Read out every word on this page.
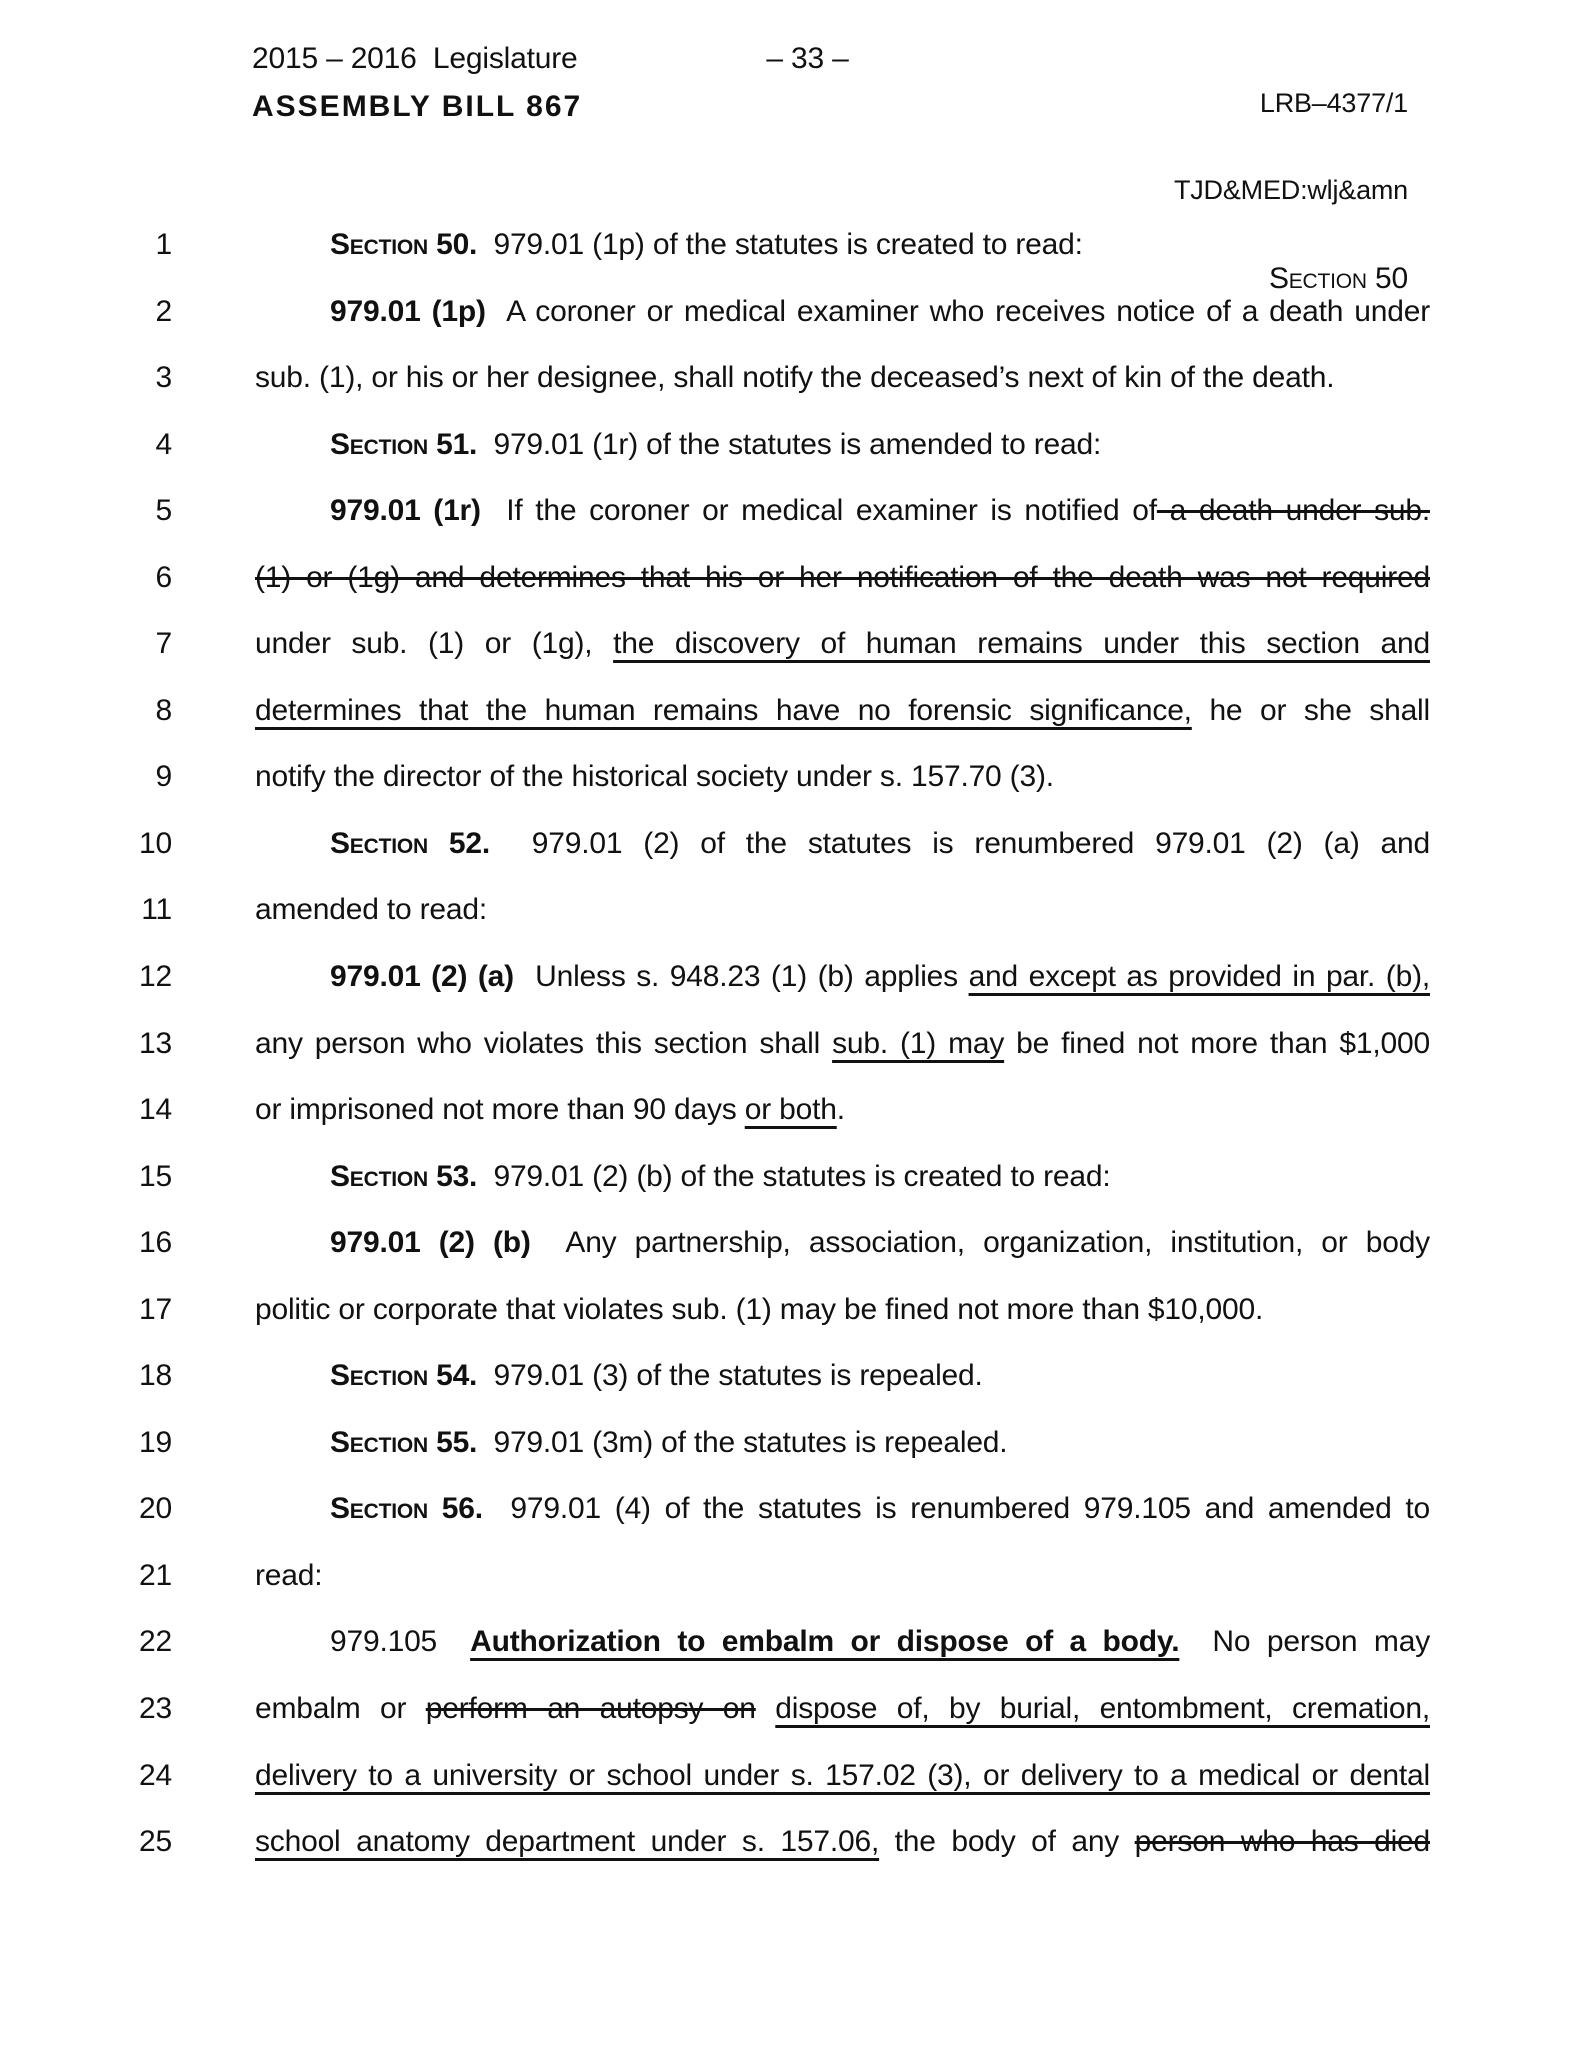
2015 – 2016  Legislature	– 33 –
ASSEMBLY BILL 867

	LRB–4377/1

TJD&MED:wlj&amn

Section 50

1	Section 50.  979.01 (1p) of the statutes is created to read:
2	979.01 (1p)  A coroner or medical examiner who receives notice of a death under
3	sub. (1), or his or her designee, shall notify the deceased’s next of kin of the death.
4	Section 51.  979.01 (1r) of the statutes is amended to read:
5	979.01 (1r)  If the coroner or medical examiner is notified of a death under sub.
6	(1) or (1g) and determines that his or her notification of the death was not required
7	under sub. (1) or (1g), the discovery of human remains under this section and
8	determines that the human remains have no forensic significance, he or she shall
9	notify the director of the historical society under s. 157.70 (3).
10	Section 52.  979.01 (2) of the statutes is renumbered 979.01 (2) (a) and
11	amended to read:
12	979.01 (2) (a)  Unless s. 948.23 (1) (b) applies and except as provided in par. (b),
13	any person who violates this section shall sub. (1) may be fined not more than $1,000
14	or imprisoned not more than 90 days or both.
15	Section 53.  979.01 (2) (b) of the statutes is created to read:
16	979.01 (2) (b)  Any partnership, association, organization, institution, or body
17	politic or corporate that violates sub. (1) may be fined not more than $10,000.
18	Section 54.  979.01 (3) of the statutes is repealed.
19	Section 55.  979.01 (3m) of the statutes is repealed.
20	Section 56.  979.01 (4) of the statutes is renumbered 979.105 and amended to
21	read:
22	979.105 Authorization to embalm or dispose of a body.  No person may
23	embalm or perform an autopsy on dispose of, by burial, entombment, cremation,
24	delivery to a university or school under s. 157.02 (3), or delivery to a medical or dental
25	school anatomy department under s. 157.06, the body of any person who has died
